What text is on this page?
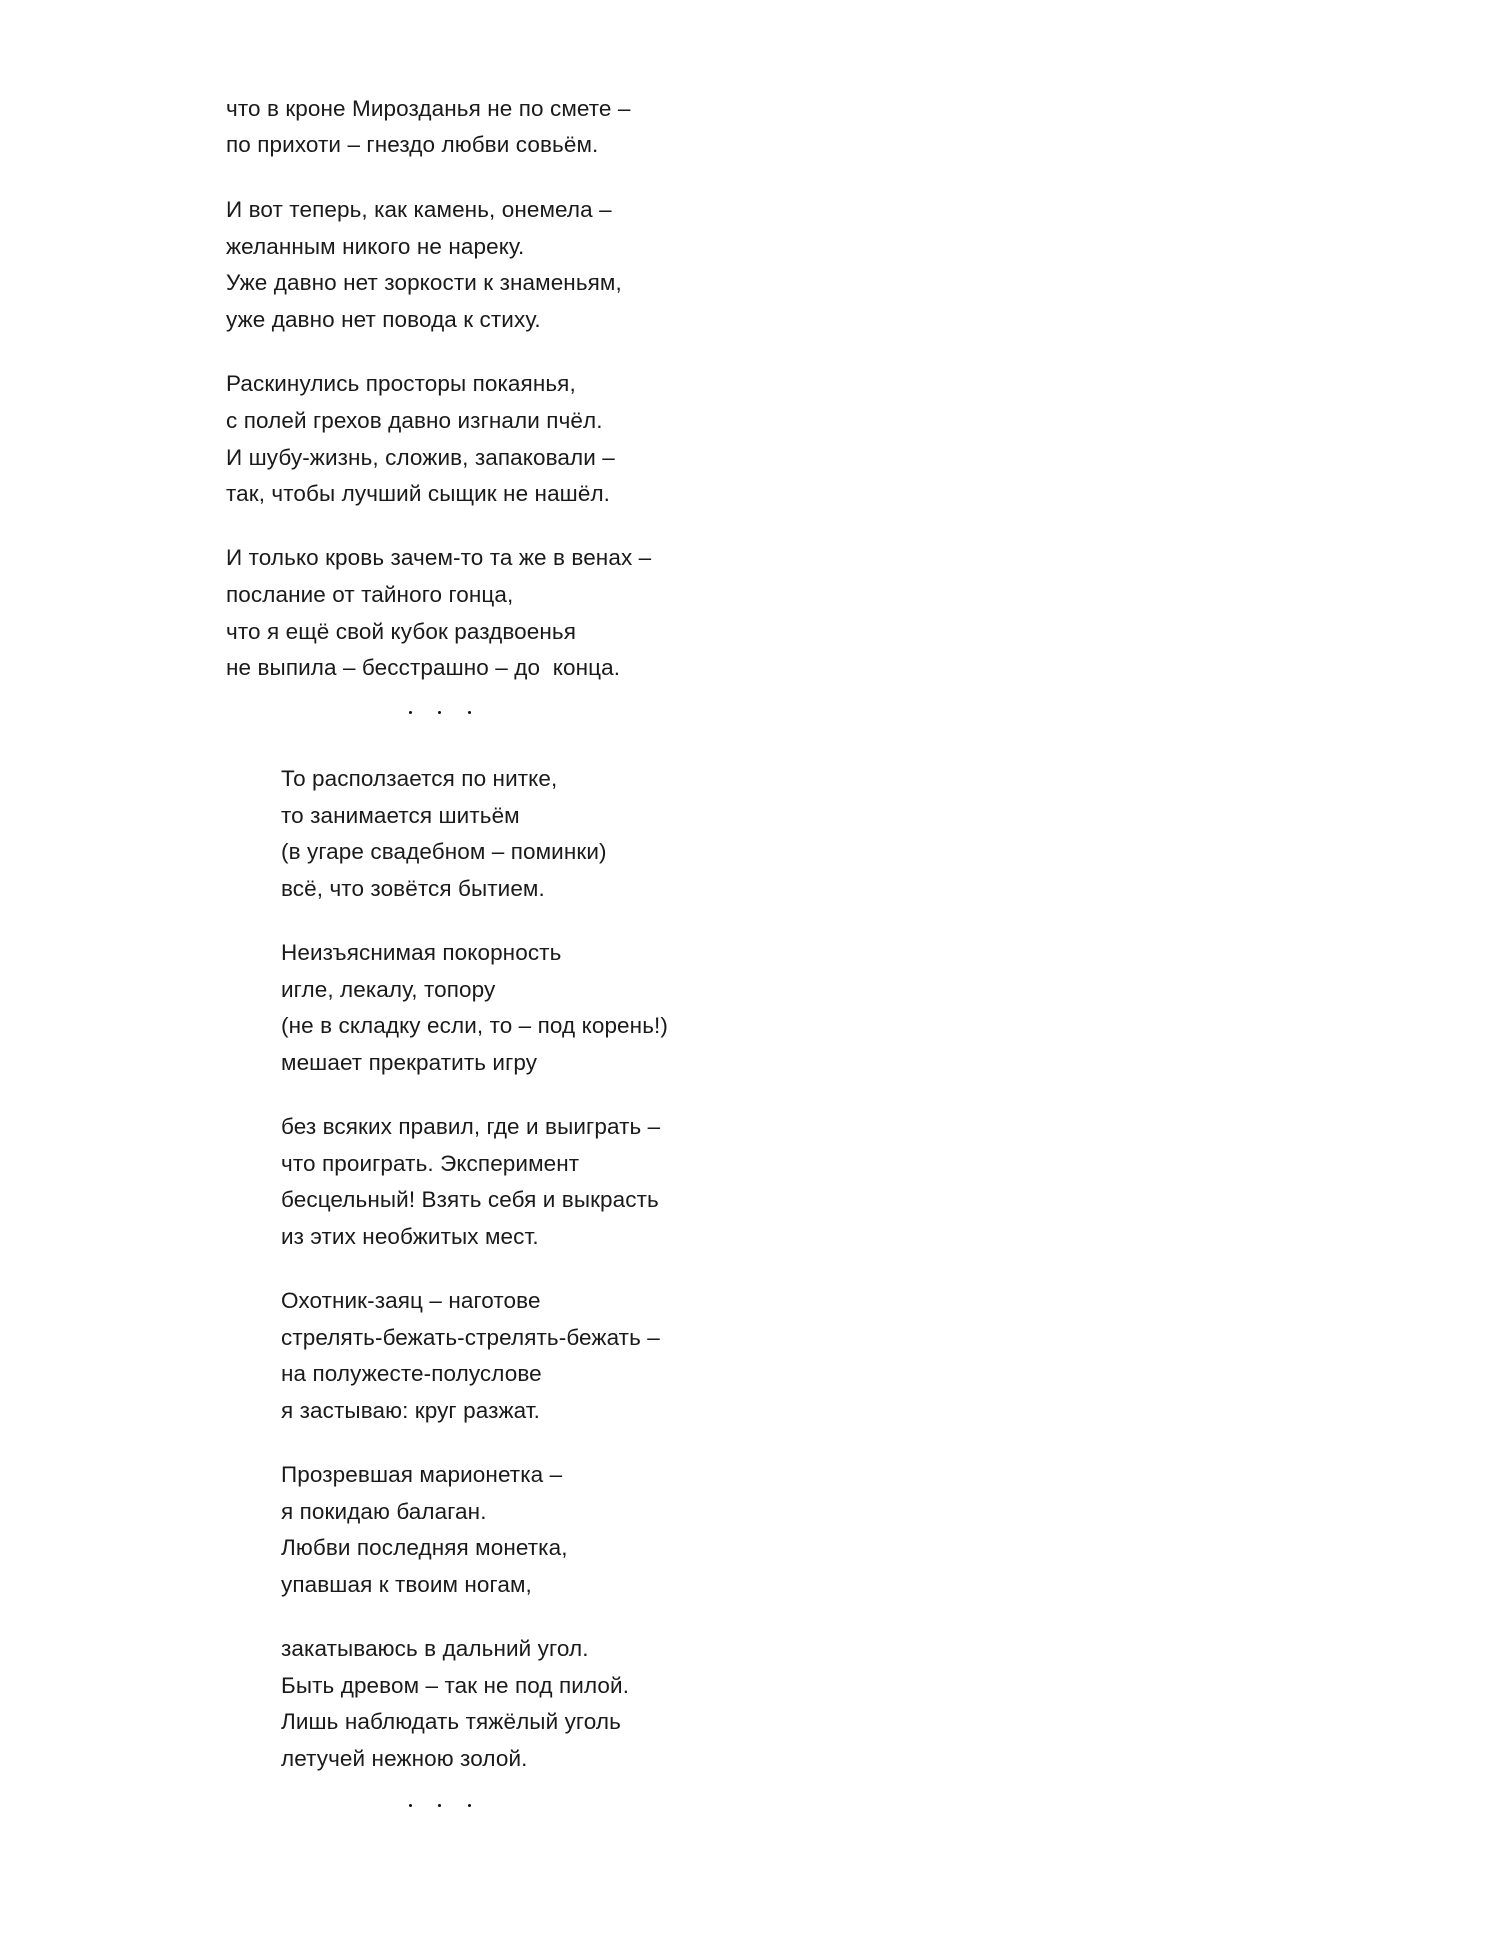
что в кроне Мирозданья не по смете –
по прихоти – гнездо любви совьём.
И вот теперь, как камень, онемела –
желанным никого не нареку.
Уже давно нет зоркости к знаменьям,
уже давно нет повода к стиху.
Раскинулись просторы покаянья,
с полей грехов давно изгнали пчёл.
И шубу-жизнь, сложив, запаковали –
так, чтобы лучший сыщик не нашёл.
И только кровь зачем-то та же в венах –
послание от тайного гонца,
что я ещё свой кубок раздвоенья
не выпила – бесстрашно – до  конца.
То расползается по нитке,
то занимается шитьём
(в угаре свадебном – поминки)
всё, что зовётся бытием.
Неизъяснимая покорность
игле, лекалу, топору
(не в складку если, то – под корень!)
мешает прекратить игру
без всяких правил, где и выиграть –
что проиграть. Эксперимент
бесцельный! Взять себя и выкрасть
из этих необжитых мест.
Охотник-заяц – наготове
стрелять-бежать-стрелять-бежать –
на полужесте-полуслове
я застываю: круг разжат.
Прозревшая марионетка –
я покидаю балаган.
Любви последняя монетка,
упавшая к твоим ногам,
закатываюсь в дальний угол.
Быть древом – так не под пилой.
Лишь наблюдать тяжёлый уголь
летучей нежною золой.
